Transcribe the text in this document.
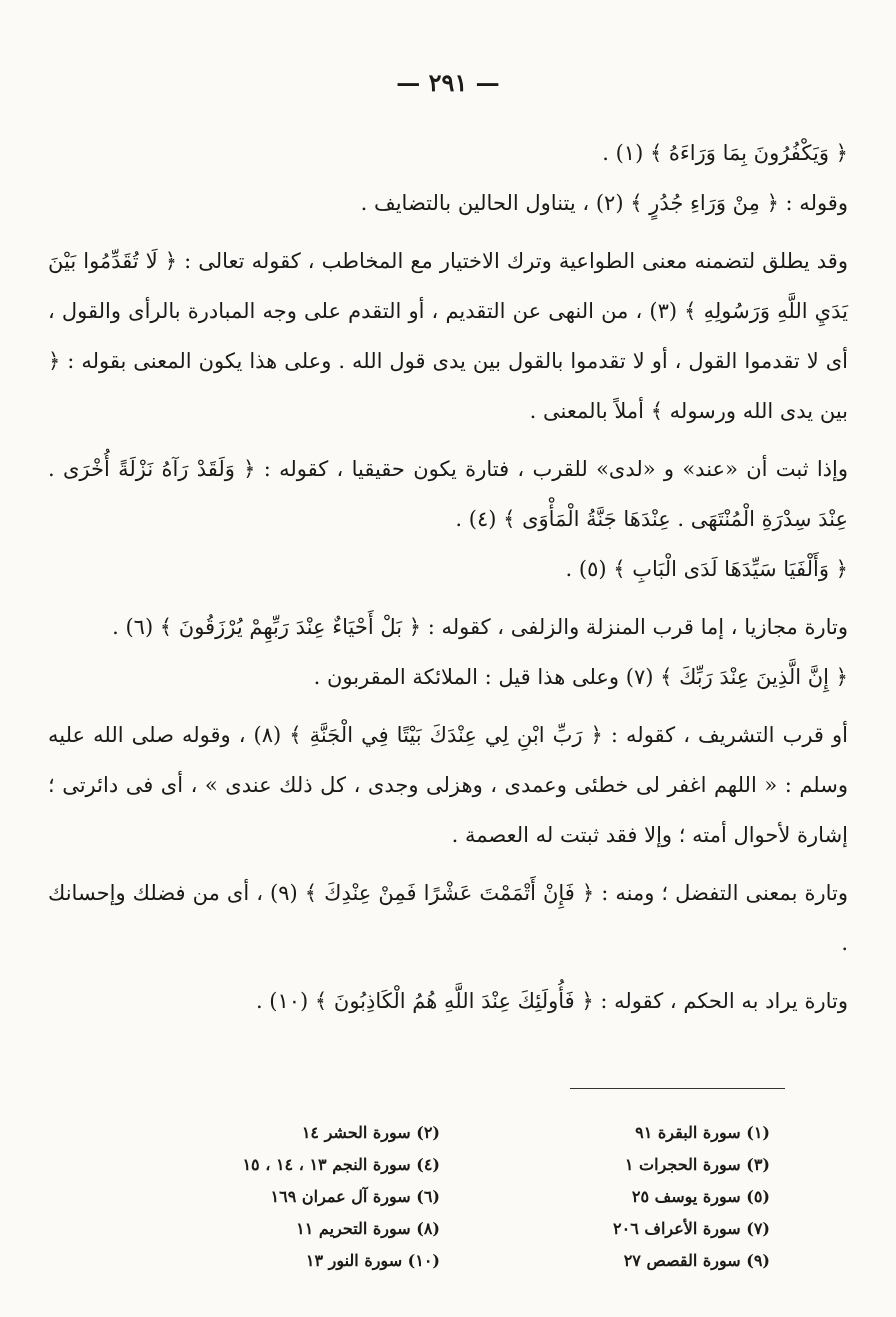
— ٢٩١ —

﴿ وَيَكْفُرُونَ بِمَا وَرَاءَهُ ﴾ (١) .

وقوله : ﴿ مِنْ وَرَاءِ جُدُرٍ ﴾ (٢) ، يتناول الحالين بالتضايف .

وقد يطلق لتضمنه معنى الطواعية وترك الاختيار مع المخاطب ، كقوله تعالى : ﴿ لَا تُقَدِّمُوا بَيْنَ يَدَيِ اللَّهِ وَرَسُولِهِ ﴾ (٣) ، من النهى عن التقديم ، أو التقدم على وجه المبادرة بالرأى والقول ، أى لا تقدموا القول ، أو لا تقدموا بالقول بين يدى قول الله . وعلى هذا يكون المعنى بقوله : ﴿ بين يدى الله ورسوله ﴾ أملاً بالمعنى .

وإذا ثبت أن «عند» و «لدى» للقرب ، فتارة يكون حقيقيا ، كقوله : ﴿ وَلَقَدْ رَآهُ نَزْلَةً أُخْرَى . عِنْدَ سِدْرَةِ الْمُنْتَهَى . عِنْدَهَا جَنَّةُ الْمَأْوَى ﴾ (٤) .

﴿ وَأَلْفَيَا سَيِّدَهَا لَدَى الْبَابِ ﴾ (٥) .

وتارة مجازيا ، إما قرب المنزلة والزلفى ، كقوله : ﴿ بَلْ أَحْيَاءٌ عِنْدَ رَبِّهِمْ يُرْزَقُونَ ﴾ (٦) .

﴿ إِنَّ الَّذِينَ عِنْدَ رَبِّكَ ﴾ (٧) وعلى هذا قيل : الملائكة المقربون .

أو قرب التشريف ، كقوله : ﴿ رَبِّ ابْنِ لِي عِنْدَكَ بَيْتًا فِي الْجَنَّةِ ﴾ (٨) ، وقوله صلى الله عليه وسلم : « اللهم اغفر لى خطئى وعمدى ، وهزلى وجدى ، كل ذلك عندى » ، أى فى دائرتى ؛ إشارة لأحوال أمته ؛ وإلا فقد ثبتت له العصمة .

وتارة بمعنى التفضل ؛ ومنه : ﴿ فَإِنْ أَتْمَمْتَ عَشْرًا فَمِنْ عِنْدِكَ ﴾ (٩) ، أى من فضلك وإحسانك .

وتارة يراد به الحكم ، كقوله : ﴿ فَأُولَئِكَ عِنْدَ اللَّهِ هُمُ الْكَاذِبُونَ ﴾ (١٠) .

(١) سورة البقرة ٩١
(٢) سورة الحشر ١٤
(٣) سورة الحجرات ١
(٤) سورة النجم ١٣ ، ١٤ ، ١٥
(٥) سورة يوسف ٢٥
(٦) سورة آل عمران ١٦٩
(٧) سورة الأعراف ٢٠٦
(٨) سورة التحريم ١١
(٩) سورة القصص ٢٧
(١٠) سورة النور ١٣
